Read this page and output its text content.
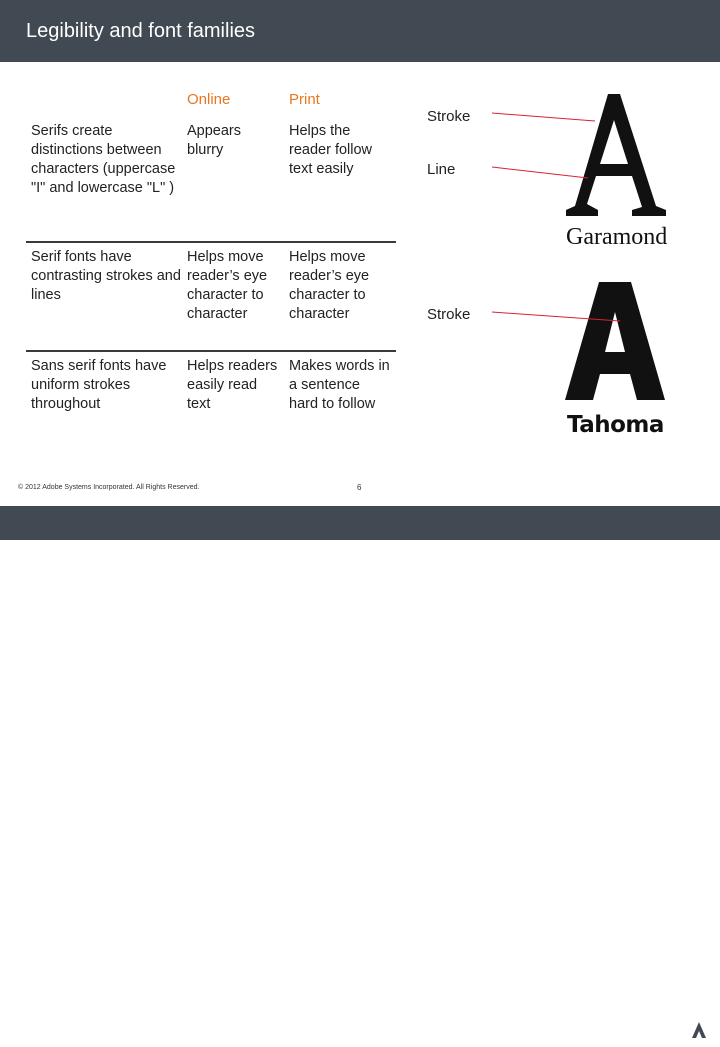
Legibility and font families
Online	Print
Serifs create distinctions between characters (uppercase "I" and lowercase "L" )
Appears blurry
Helps the reader follow text easily
Serif fonts have contrasting strokes and lines
Helps move reader’s eye character to character
Helps move reader’s eye character to character
Sans serif fonts have uniform strokes throughout
Helps readers easily read text
Makes words in a sentence hard to follow
Garamond
Tahoma
Stroke
Line
Stroke
© 2012 Adobe Systems Incorporated. All Rights Reserved.	6
